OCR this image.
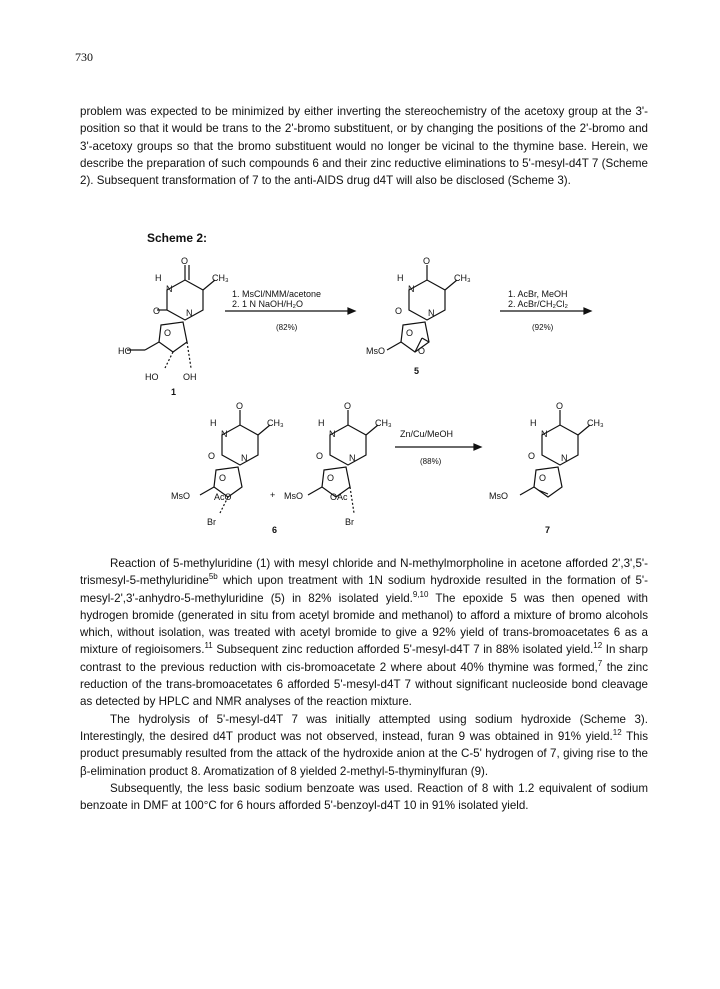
730

problem was expected to be minimized by either inverting the stereochemistry of the acetoxy group at the 3'-position so that it would be trans to the 2'-bromo substituent, or by changing the positions of the 2'-bromo and 3'-acetoxy groups so that the bromo substituent would no longer be vicinal to the thymine base. Herein, we describe the preparation of such compounds 6 and their zinc reductive eliminations to 5'-mesyl-d4T 7 (Scheme 2). Subsequent transformation of 7 to the anti-AIDS drug d4T will also be disclosed (Scheme 3).

Scheme 2:
H
N
CH₃
O
O	N
HO
O
HO	OH
1
1. MsCl/NMM/acetone
2. 1 N NaOH/H₂O
(82%)
H
N
CH₃
O
O	N
MsO
O
O
5
1. AcBr, MeOH
2. AcBr/CH₂Cl₂
(92%)
H
N
CH₃
O
O	N
MsO
O
AcO
Br
+
H
N
CH₃
O
O	N
MsO
O
OAc
Br
6
Zn/Cu/MeOH
(88%)
H
N
CH₃
O
O	N
MsO
O
7

Reaction of 5-methyluridine (1) with mesyl chloride and N-methylmorpholine in acetone afforded 2',3',5'-trismesyl-5-methyluridine$^{5b}$ which upon treatment with 1N sodium hydroxide resulted in the formation of 5'-mesyl-2',3'-anhydro-5-methyluridine (5) in 82% isolated yield.$^{9,10}$ The epoxide 5 was then opened with hydrogen bromide (generated in situ from acetyl bromide and methanol) to afford a mixture of bromo alcohols which, without isolation, was treated with acetyl bromide to give a 92% yield of trans-bromoacetates 6 as a mixture of regioisomers.$^{11}$ Subsequent zinc reduction afforded 5'-mesyl-d4T 7 in 88% isolated yield.$^{12}$ In sharp contrast to the previous reduction with cis-bromoacetate 2 where about 40% thymine was formed,$^7$ the zinc reduction of the trans-bromoacetates 6 afforded 5'-mesyl-d4T 7 without significant nucleoside bond cleavage as detected by HPLC and NMR analyses of the reaction mixture.

The hydrolysis of 5'-mesyl-d4T 7 was initially attempted using sodium hydroxide (Scheme 3). Interestingly, the desired d4T product was not observed, instead, furan 9 was obtained in 91% yield.$^{12}$ This product presumably resulted from the attack of the hydroxide anion at the C-5' hydrogen of 7, giving rise to the β-elimination product 8. Aromatization of 8 yielded 2-methyl-5-thyminylfuran (9).

Subsequently, the less basic sodium benzoate was used. Reaction of 8 with 1.2 equivalent of sodium benzoate in DMF at 100°C for 6 hours afforded 5'-benzoyl-d4T 10 in 91% isolated yield.
